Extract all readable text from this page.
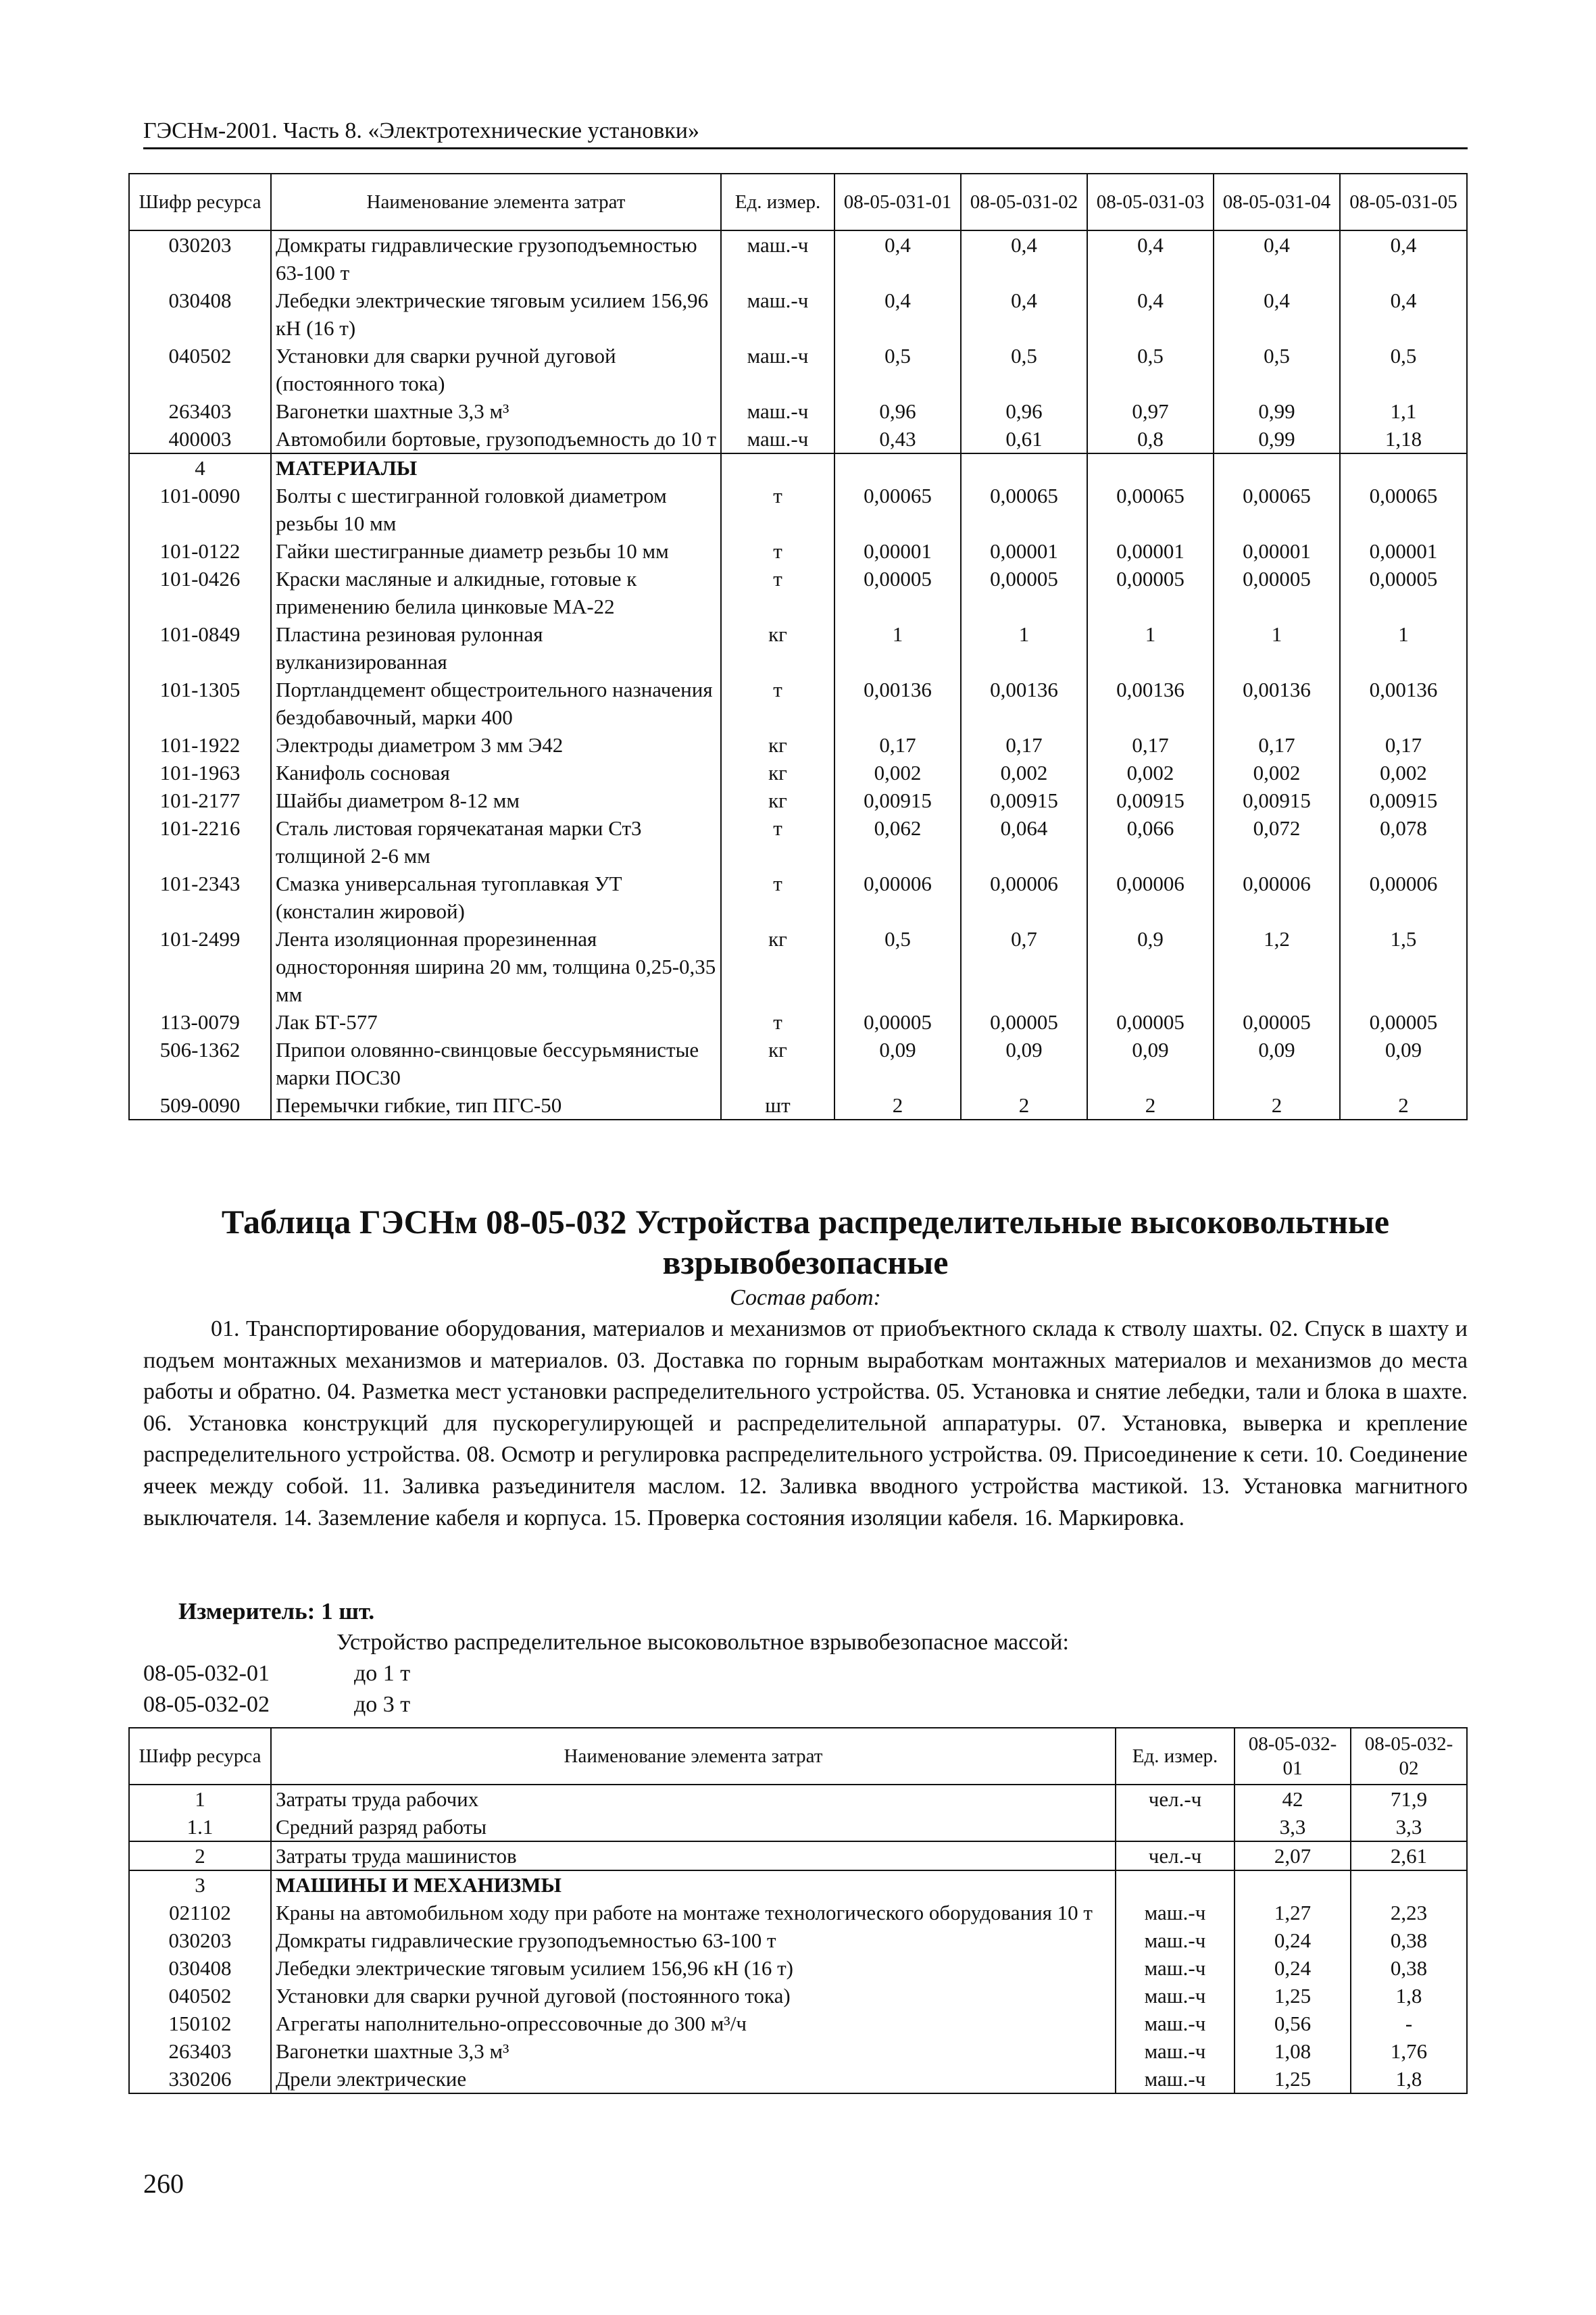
ГЭСНм-2001. Часть 8. «Электротехнические установки»
Шифр ресурса	Наименование элемента затрат	Ед. измер.	08-05-031-01	08-05-031-02	08-05-031-03	08-05-031-04	08-05-031-05
030203	Домкраты гидравлические грузоподъемностью 63-100 т	маш.-ч	0,4	0,4	0,4	0,4	0,4
030408	Лебедки электрические тяговым усилием 156,96 кН (16 т)	маш.-ч	0,4	0,4	0,4	0,4	0,4
040502	Установки для сварки ручной дуговой (постоянного тока)	маш.-ч	0,5	0,5	0,5	0,5	0,5
263403	Вагонетки шахтные 3,3 м³	маш.-ч	0,96	0,96	0,97	0,99	1,1
400003	Автомобили бортовые, грузоподъемность до 10 т	маш.-ч	0,43	0,61	0,8	0,99	1,18
4	МАТЕРИАЛЫ						
101-0090	Болты с шестигранной головкой диаметром резьбы 10 мм	т	0,00065	0,00065	0,00065	0,00065	0,00065
101-0122	Гайки шестигранные диаметр резьбы 10 мм	т	0,00001	0,00001	0,00001	0,00001	0,00001
101-0426	Краски масляные и алкидные, готовые к применению белила цинковые МА-22	т	0,00005	0,00005	0,00005	0,00005	0,00005
101-0849	Пластина резиновая рулонная вулканизированная	кг	1	1	1	1	1
101-1305	Портландцемент общестроительного назначения бездобавочный, марки 400	т	0,00136	0,00136	0,00136	0,00136	0,00136
101-1922	Электроды диаметром 3 мм Э42	кг	0,17	0,17	0,17	0,17	0,17
101-1963	Канифоль сосновая	кг	0,002	0,002	0,002	0,002	0,002
101-2177	Шайбы диаметром 8-12 мм	кг	0,00915	0,00915	0,00915	0,00915	0,00915
101-2216	Сталь листовая горячекатаная марки Ст3 толщиной 2-6 мм	т	0,062	0,064	0,066	0,072	0,078
101-2343	Смазка универсальная тугоплавкая УТ (консталин жировой)	т	0,00006	0,00006	0,00006	0,00006	0,00006
101-2499	Лента изоляционная прорезиненная односторонняя ширина 20 мм, толщина 0,25-0,35 мм	кг	0,5	0,7	0,9	1,2	1,5
113-0079	Лак БТ-577	т	0,00005	0,00005	0,00005	0,00005	0,00005
506-1362	Припои оловянно-свинцовые бессурьмянистые марки ПОС30	кг	0,09	0,09	0,09	0,09	0,09
509-0090	Перемычки гибкие, тип ПГС-50	шт	2	2	2	2	2
Таблица ГЭСНм 08-05-032 Устройства распределительные высоковольтные взрывобезопасные
Состав работ:
01. Транспортирование оборудования, материалов и механизмов от приобъектного склада к стволу шахты. 02. Спуск в шахту и подъем монтажных механизмов и материалов. 03. Доставка по горным выработкам монтажных материалов и механизмов до места работы и обратно. 04. Разметка мест установки распределительного устройства. 05. Установка и снятие лебедки, тали и блока в шахте. 06. Установка конструкций для пускорегулирующей и распределительной аппаратуры. 07. Установка, выверка и крепление распределительного устройства. 08. Осмотр и регулировка распределительного устройства. 09. Присоединение к сети. 10. Соединение ячеек между собой. 11. Заливка разъединителя маслом. 12. Заливка вводного устройства мастикой. 13. Установка магнитного выключателя. 14. Заземление кабеля и корпуса. 15. Проверка состояния изоляции кабеля. 16. Маркировка.
Измеритель: 1 шт.
Устройство распределительное высоковольтное взрывобезопасное массой:
08-05-032-01	до 1 т
08-05-032-02	до 3 т
Шифр ресурса	Наименование элемента затрат	Ед. измер.	08-05-032-01	08-05-032-02
1	Затраты труда рабочих	чел.-ч	42	71,9
1.1	Средний разряд работы		3,3	3,3
2	Затраты труда машинистов	чел.-ч	2,07	2,61
3	МАШИНЫ И МЕХАНИЗМЫ			
021102	Краны на автомобильном ходу при работе на монтаже технологического оборудования 10 т	маш.-ч	1,27	2,23
030203	Домкраты гидравлические грузоподъемностью 63-100 т	маш.-ч	0,24	0,38
030408	Лебедки электрические тяговым усилием 156,96 кН (16 т)	маш.-ч	0,24	0,38
040502	Установки для сварки ручной дуговой (постоянного тока)	маш.-ч	1,25	1,8
150102	Агрегаты наполнительно-опрессовочные до 300 м³/ч	маш.-ч	0,56	-
263403	Вагонетки шахтные 3,3 м³	маш.-ч	1,08	1,76
330206	Дрели электрические	маш.-ч	1,25	1,8
260
